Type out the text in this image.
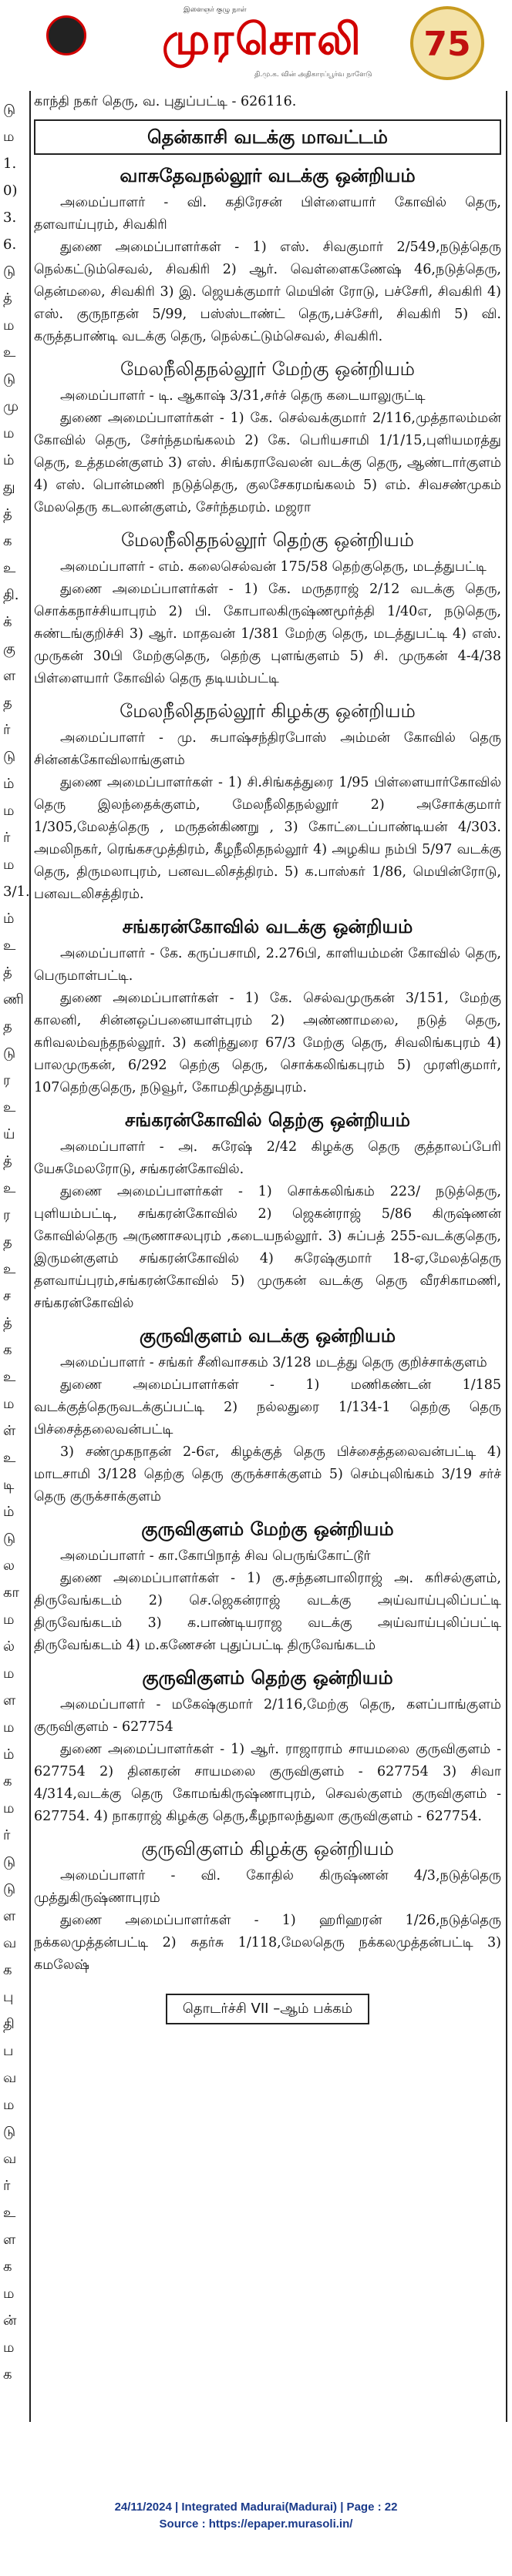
இளைஞர் குழு நாள்
75
முரசொலி
தி.மு.க. வின் அதிகாரப்பூர்வ நாளேடு
டு
ம
1.
0)
3.
6.
டு
த்
ம
உ
டு
மு
ம
ம்
து
த்
க
உ
தி.
க்
கு
ள
த
ர்
டு
ம்
ம
ர்
ம
3/1.
ம்
உ
த்
ணி
த
டு
ர
உ
ய்
த்
உ
ர
த
உ
ச
த்
க
உ
ம
ள்
உ
டி
ம்
டு
ல
கா
ம
ல்
ம
ள
ம
ம்
க
ம
ர்
டு
டு
ள
வ
க
பு
தி
ப
வ
ம
டு
வ
ர்
உ
ள
க
ம
ன்
ம
க

காந்தி நகர் தெரு, வ. புதுப்பட்டி - 626116.

தென்காசி வடக்கு மாவட்டம்
வாசுதேவநல்லூர் வடக்கு ஒன்றியம்

அமைப்பாளர் - வி. கதிரேசன் பிள்ளையார் கோவில் தெரு, தளவாய்புரம், சிவகிரி

துணை அமைப்பாளர்கள் - 1) எஸ். சிவகுமார் 2/549,நடுத்தெரு நெல்கட்டும்செவல், சிவகிரி 2) ஆர். வெள்ளைகணேஷ் 46,நடுத்தெரு, தென்மலை, சிவகிரி 3) இ. ஜெயக்குமார் மெயின் ரோடு, பச்சேரி, சிவகிரி 4) எஸ். குருநாதன் 5/99, பஸ்ஸ்டாண்ட் தெரு,பச்சேரி, சிவகிரி 5) வி. கருத்தபாண்டி வடக்கு தெரு, நெல்கட்டும்செவல், சிவகிரி.

மேலநீலிதநல்லூர் மேற்கு ஒன்றியம்

அமைப்பாளர் - டி. ஆகாஷ் 3/31,சர்ச் தெரு கடையாலுருட்டி

துணை அமைப்பாளர்கள் - 1) கே. செல்வக்குமார் 2/116,முத்தாலம்மன் கோவில் தெரு, சேர்ந்தமங்கலம் 2) கே. பெரியசாமி 1/1/15,புளியமரத்து தெரு, உத்தமன்குளம் 3) எஸ். சிங்கராவேலன் வடக்கு தெரு, ஆண்டார்குளம் 4) எஸ். பொன்மணி நடுத்தெரு, குலசேகரமங்கலம் 5) எம். சிவசண்முகம் மேலதெரு கடலான்குளம், சேர்ந்தமரம். மஜரா

மேலநீலிதநல்லூர் தெற்கு ஒன்றியம்

அமைப்பாளர் - எம். கலைசெல்வன் 175/58 தெற்குதெரு, மடத்துபட்டி

துணை அமைப்பாளர்கள் - 1) கே. மருதராஜ் 2/12 வடக்கு தெரு, சொக்கநாச்சியாபுரம் 2) பி. கோபாலகிருஷ்ணமூர்த்தி 1/40எ, நடுதெரு, சுண்டங்குறிச்சி 3) ஆர். மாதவன் 1/381 மேற்கு தெரு, மடத்துபட்டி 4) எஸ். முருகன் 30பி மேற்குதெரு, தெற்கு புளங்குளம் 5) சி. முருகன் 4-4/38 பிள்ளையார் கோவில் தெரு தடியம்பட்டி

மேலநீலிதநல்லூர் கிழக்கு ஒன்றியம்

அமைப்பாளர் - மு. சுபாஷ்சந்திரபோஸ் அம்மன் கோவில் தெரு சின்னக்கோவிலாங்குளம்

துணை அமைப்பாளர்கள் - 1) சி.சிங்கத்துரை 1/95 பிள்ளையார்கோவில் தெரு இலந்தைக்குளம், மேலநீலிதநல்லூர் 2) அசோக்குமார் 1/305,மேலத்தெரு , மருதன்கிணறு , 3) கோட்டைப்பாண்டியன் 4/303. அமலிநகர், ரெங்கசமுத்திரம், கீழநீலிதநல்லூர் 4) அழகிய நம்பி 5/97 வடக்கு தெரு, திருமலாபுரம், பனவடலிசத்திரம். 5) க.பாஸ்கர் 1/86, மெயின்ரோடு, பனவடலிசத்திரம்.

சங்கரன்கோவில் வடக்கு ஒன்றியம்

அமைப்பாளர் - கே. கருப்பசாமி, 2.276பி, காளியம்மன் கோவில் தெரு, பெருமாள்பட்டி.

துணை அமைப்பாளர்கள் - 1) கே. செல்வமுருகன் 3/151, மேற்கு காலனி, சின்னஒப்பனையாள்புரம் 2) அண்ணாமலை, நடுத் தெரு, கரிவலம்வந்தநல்லூர். 3) கனிந்துரை 67/3 மேற்கு தெரு, சிவலிங்கபுரம் 4) பாலமுருகன், 6/292 தெற்கு தெரு, சொக்கலிங்கபுரம் 5) முரளிகுமார், 107தெற்குதெரு, நடுவூர், கோமதிமுத்துபுரம்.

சங்கரன்கோவில் தெற்கு ஒன்றியம்

அமைப்பாளர் - அ. சுரேஷ் 2/42 கிழக்கு தெரு குத்தாலப்பேரி யேசுமேலரோடு, சங்கரன்கோவில்.

துணை அமைப்பாளர்கள் - 1) சொக்கலிங்கம் 223/ நடுத்தெரு, புளியம்பட்டி, சங்கரன்கோவில் 2) ஜெகன்ராஜ் 5/86 கிருஷ்ணன் கோவில்தெரு அருணாசலபுரம் ,கடையநல்லூர். 3) சுப்பத் 255-வடக்குதெரு, இருமன்குளம் சங்கரன்கோவில் 4) சுரேஷ்குமார் 18-ஏ,மேலத்தெரு தளவாய்புரம்,சங்கரன்கோவில் 5) முருகன் வடக்கு தெரு வீரசிகாமணி, சங்கரன்கோவில்

குருவிகுளம் வடக்கு ஒன்றியம்

அமைப்பாளர் - சங்கர் சீனிவாசகம் 3/128 மடத்து தெரு குறிச்சாக்குளம்

துணை அமைப்பாளர்கள் - 1) மணிகண்டன் 1/185 வடக்குத்தெருவடக்குப்பட்டி 2) நல்லதுரை 1/134-1 தெற்கு தெரு பிச்சைத்தலைவன்பட்டி

3) சண்முகநாதன் 2-6எ, கிழக்குத் தெரு பிச்சைத்தலைவன்பட்டி 4) மாடசாமி 3/128 தெற்கு தெரு குருக்சாக்குளம் 5) செம்புலிங்கம் 3/19 சர்ச் தெரு குருக்சாக்குளம்

குருவிகுளம் மேற்கு ஒன்றியம்

அமைப்பாளர் - கா.கோபிநாத் சிவ பெருங்கோட்டூர்

துணை அமைப்பாளர்கள் - 1) கு.சந்தனபாலிராஜ் அ. கரிசல்குளம், திருவேங்கடம் 2) செ.ஜெகன்ராஜ் வடக்கு அய்வாய்புலிப்பட்டி திருவேங்கடம் 3) க.பாண்டியராஜ வடக்கு அய்வாய்புலிப்பட்டி திருவேங்கடம் 4) ம.கணேசன் புதுப்பட்டி திருவேங்கடம்

குருவிகுளம் தெற்கு ஒன்றியம்

அமைப்பாளர் - மகேஷ்குமார் 2/116,மேற்கு தெரு, களப்பாங்குளம் குருவிகுளம் - 627754

துணை அமைப்பாளர்கள் - 1) ஆர். ராஜாராம் சாயமலை குருவிகுளம் - 627754 2) தினகரன் சாயமலை குருவிகுளம் - 627754 3) சிவா 4/314,வடக்கு தெரு கோமங்கிருஷ்ணாபுரம், செவல்குளம் குருவிகுளம் - 627754. 4) நாகராஜ் கிழக்கு தெரு,கீழநாலந்துலா குருவிகுளம் - 627754.

குருவிகுளம் கிழக்கு ஒன்றியம்

அமைப்பாளர் - வி. கோதில் கிருஷ்ணன் 4/3,நடுத்தெரு முத்துகிருஷ்ணாபுரம்

துணை அமைப்பாளர்கள் - 1) ஹரிஹரன் 1/26,நடுத்தெரு நக்கலமுத்தன்பட்டி 2) சுதர்சு 1/118,மேலதெரு நக்கலமுத்தன்பட்டி 3) கமலேஷ்

தொடர்ச்சி VII –ஆம் பக்கம்
24/11/2024 | Integrated Madurai(Madurai) | Page : 22
Source : https://epaper.murasoli.in/
